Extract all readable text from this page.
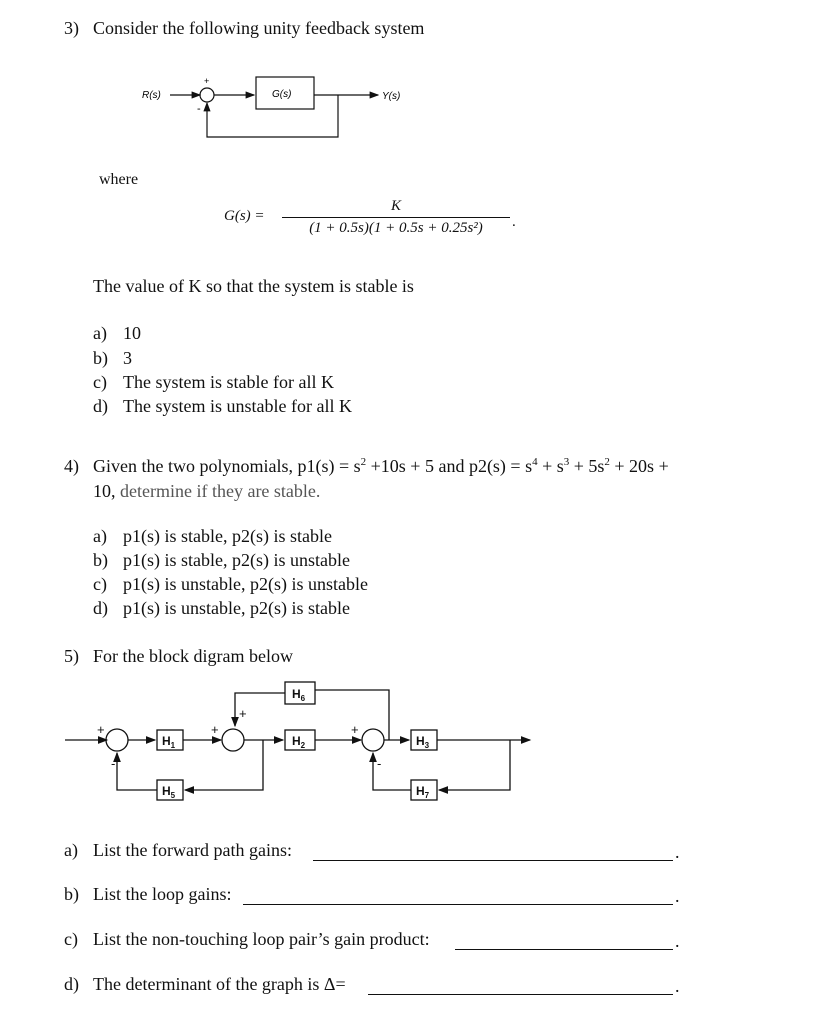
3) Consider the following unity feedback system
R(s)
+
-
G(s)	Y(s)
where
G(s) =
K
(1 + 0.5s)(1 + 0.5s + 0.25s²)	.
The value of K so that the system is stable is
a) 10
b) 3
c) The system is stable for all K
d) The system is unstable for all K
4) Given the two polynomials, $p1(s) = s^2 +10s + 5$ and $p2(s) = s^4 + s^3 + 5s^2 + 20s$ +
10, determine if they are stable.
a) p1(s) is stable, p2(s) is stable
b) p1(s) is stable, p2(s) is unstable
c) p1(s) is unstable, p2(s) is unstable
d) p1(s) is unstable, p2(s) is stable
5) For the block digram below
$H_1$	$H_2$	$H_3$
$H_5$
$H_6$
$H_7$
+
-
+
+
+
-
a) List the forward path gains:	.
b) List the loop gains:	.
c) List the non-touching loop pair’s gain product:	.
d) The determinant of the graph is Δ=	.
